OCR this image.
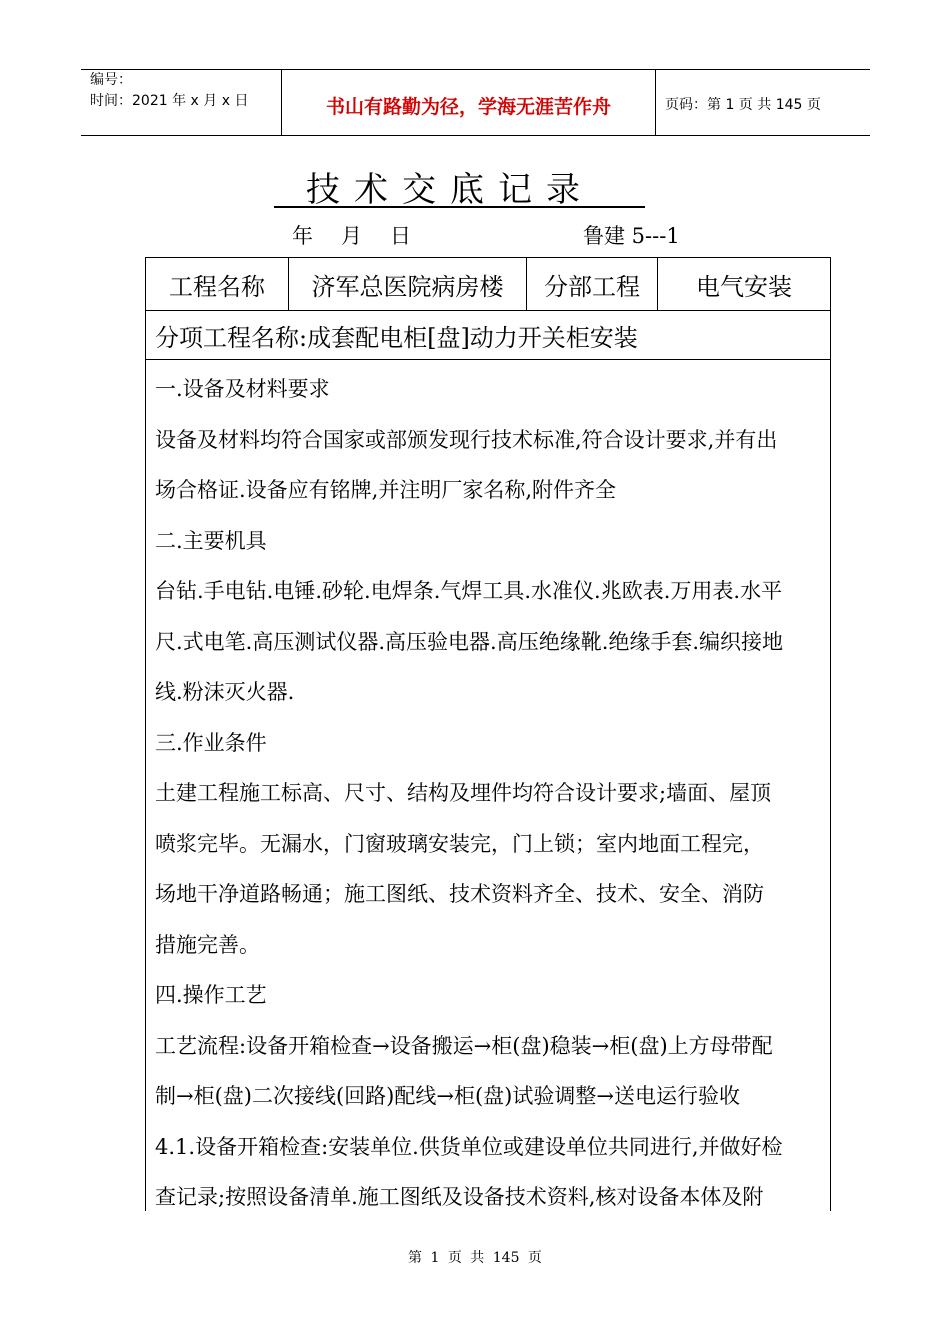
编号：
时间：2021 年 x 月 x 日	书山有路勤为径，学海无涯苦作舟	页码：第 1 页 共 145 页
技术交底记录
年 月 日	鲁建 5---1
工程名称	济军总医院病房楼	分部工程	电气安装
分项工程名称:成套配电柜[盘]动力开关柜安装

一.设备及材料要求

设备及材料均符合国家或部颁发现行技术标准,符合设计要求,并有出

场合格证.设备应有铭牌,并注明厂家名称,附件齐全

二.主要机具

台钻.手电钻.电锤.砂轮.电焊条.气焊工具.水准仪.兆欧表.万用表.水平

尺.式电笔.高压测试仪器.高压验电器.高压绝缘靴.绝缘手套.编织接地

线.粉沫灭火器.

三.作业条件

土建工程施工标高、尺寸、结构及埋件均符合设计要求;墙面、屋顶

喷浆完毕。无漏水，门窗玻璃安装完，门上锁；室内地面工程完，

场地干净道路畅通；施工图纸、技术资料齐全、技术、安全、消防

措施完善。

四.操作工艺

工艺流程:设备开箱检查→设备搬运→柜(盘)稳装→柜(盘)上方母带配

制→柜(盘)二次接线(回路)配线→柜(盘)试验调整→送电运行验收

4.1.设备开箱检查:安装单位.供货单位或建设单位共同进行,并做好检

查记录;按照设备清单.施工图纸及设备技术资料,核对设备本体及附

第 1 页 共 145 页
